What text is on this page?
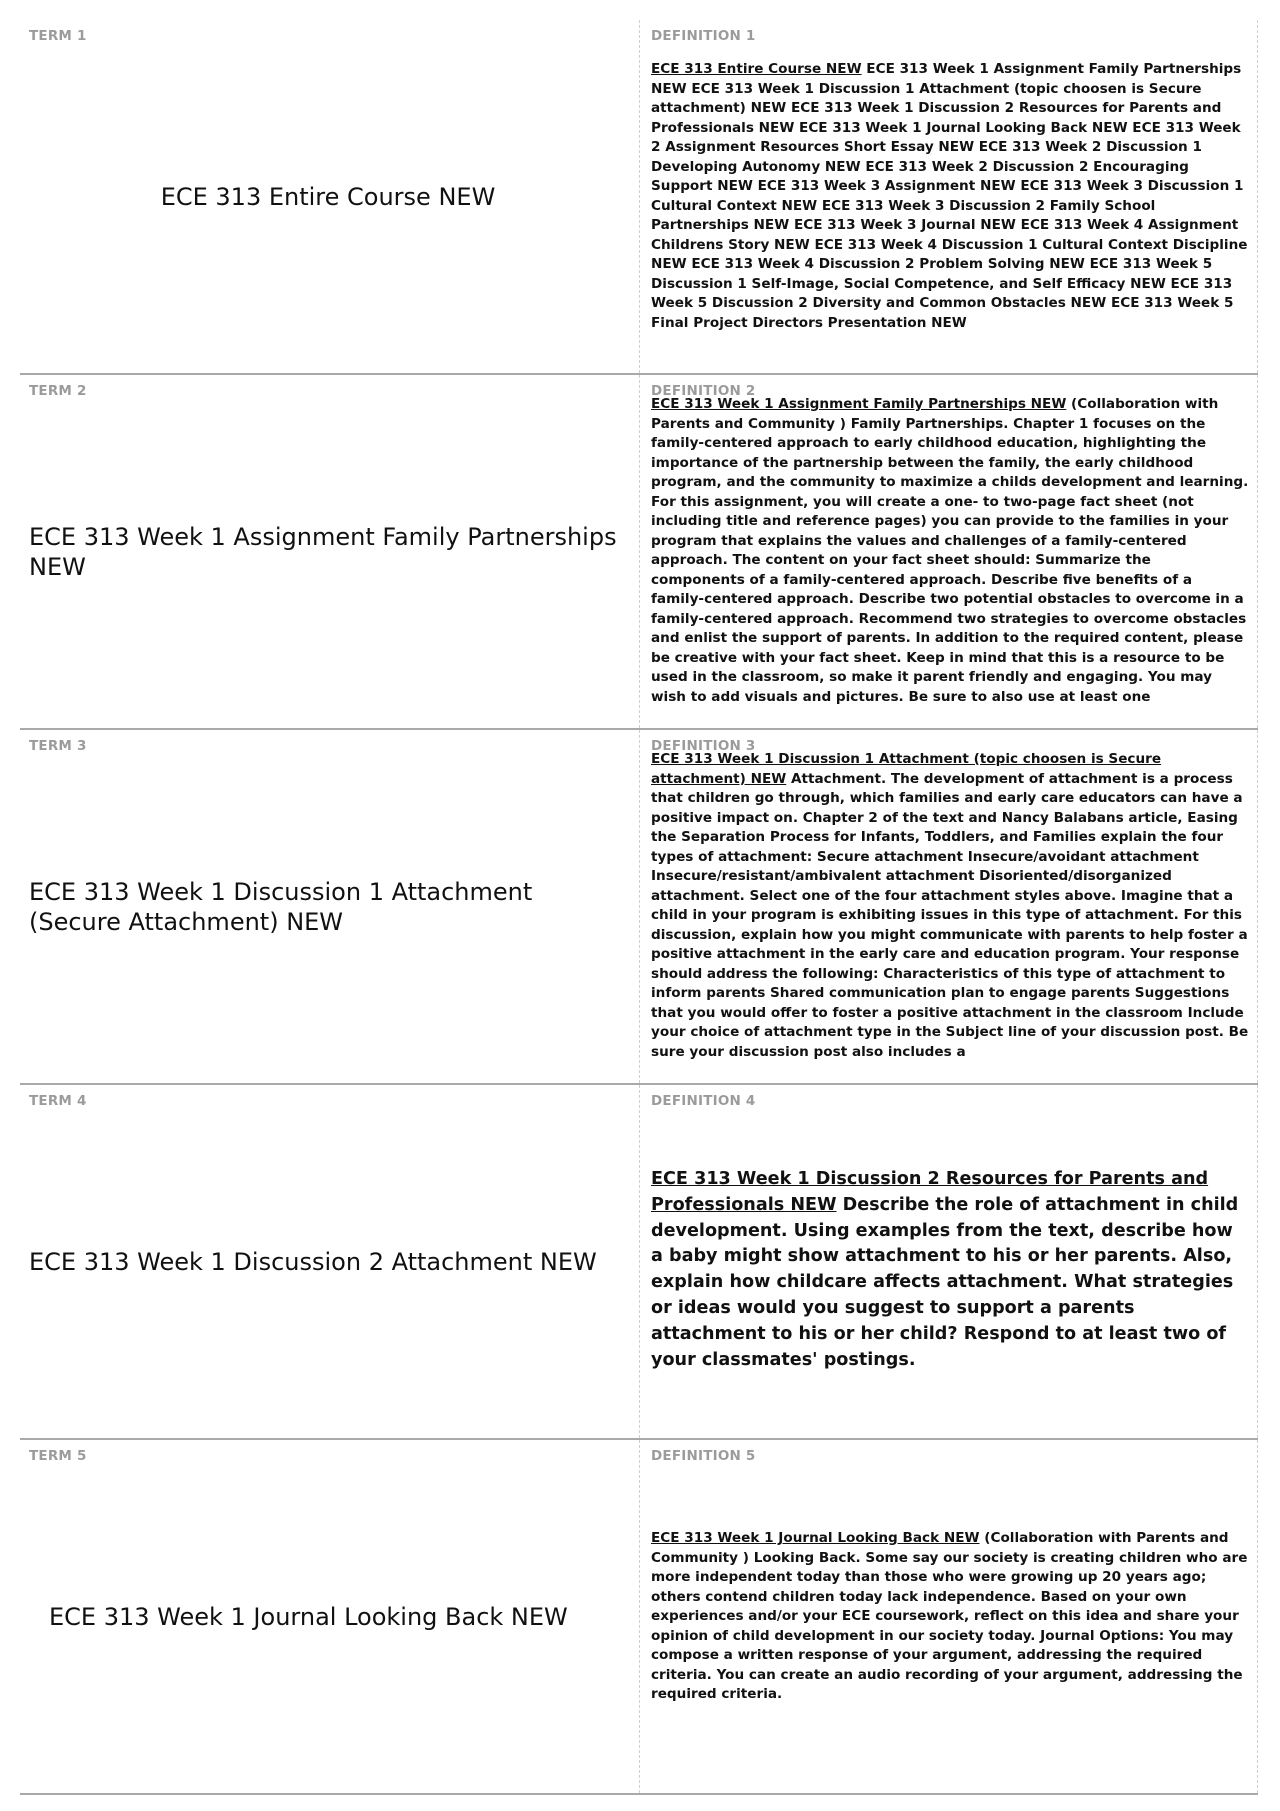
TERM 1
ECE 313 Entire Course NEW
DEFINITION 1
ECE 313 Entire Course NEW ECE 313 Week 1 Assignment Family Partnerships NEW ECE 313 Week 1 Discussion 1 Attachment (topic choosen is Secure attachment) NEW ECE 313 Week 1 Discussion 2 Resources for Parents and Professionals NEW ECE 313 Week 1 Journal Looking Back NEW ECE 313 Week 2 Assignment Resources Short Essay NEW ECE 313 Week 2 Discussion 1 Developing Autonomy NEW ECE 313 Week 2 Discussion 2 Encouraging Support NEW ECE 313 Week 3 Assignment NEW ECE 313 Week 3 Discussion 1 Cultural Context NEW ECE 313 Week 3 Discussion 2 Family School Partnerships NEW ECE 313 Week 3 Journal NEW ECE 313 Week 4 Assignment Childrens Story NEW ECE 313 Week 4 Discussion 1 Cultural Context Discipline NEW ECE 313 Week 4 Discussion 2 Problem Solving NEW ECE 313 Week 5 Discussion 1 Self-Image, Social Competence, and Self Efficacy NEW ECE 313 Week 5 Discussion 2 Diversity and Common Obstacles NEW ECE 313 Week 5 Final Project Directors Presentation NEW
TERM 2
ECE 313 Week 1 Assignment Family Partnerships NEW
DEFINITION 2
ECE 313 Week 1 Assignment Family Partnerships NEW (Collaboration with Parents and Community ) Family Partnerships. Chapter 1 focuses on the family-centered approach to early childhood education, highlighting the importance of the partnership between the family, the early childhood program, and the community to maximize a childs development and learning. For this assignment, you will create a one- to two-page fact sheet (not including title and reference pages) you can provide to the families in your program that explains the values and challenges of a family-centered approach. The content on your fact sheet should: Summarize the components of a family-centered approach. Describe five benefits of a family-centered approach. Describe two potential obstacles to overcome in a family-centered approach. Recommend two strategies to overcome obstacles and enlist the support of parents. In addition to the required content, please be creative with your fact sheet. Keep in mind that this is a resource to be used in the classroom, so make it parent friendly and engaging. You may wish to add visuals and pictures. Be sure to also use at least one
TERM 3
ECE 313 Week 1 Discussion 1 Attachment (Secure Attachment) NEW
DEFINITION 3
ECE 313 Week 1 Discussion 1 Attachment (topic choosen is Secure attachment) NEW Attachment. The development of attachment is a process that children go through, which families and early care educators can have a positive impact on. Chapter 2 of the text and Nancy Balabans article, Easing the Separation Process for Infants, Toddlers, and Families explain the four types of attachment: Secure attachment Insecure/avoidant attachment Insecure/resistant/ambivalent attachment Disoriented/disorganized attachment. Select one of the four attachment styles above. Imagine that a child in your program is exhibiting issues in this type of attachment. For this discussion, explain how you might communicate with parents to help foster a positive attachment in the early care and education program. Your response should address the following: Characteristics of this type of attachment to inform parents Shared communication plan to engage parents Suggestions that you would offer to foster a positive attachment in the classroom Include your choice of attachment type in the Subject line of your discussion post. Be sure your discussion post also includes a
TERM 4
ECE 313 Week 1 Discussion 2 Attachment NEW
DEFINITION 4
ECE 313 Week 1 Discussion 2 Resources for Parents and Professionals NEW Describe the role of attachment in child development. Using examples from the text, describe how a baby might show attachment to his or her parents. Also, explain how childcare affects attachment. What strategies or ideas would you suggest to support a parents attachment to his or her child? Respond to at least two of your classmates' postings.
TERM 5
ECE 313 Week 1 Journal Looking Back NEW
DEFINITION 5
ECE 313 Week 1 Journal Looking Back NEW (Collaboration with Parents and Community ) Looking Back. Some say our society is creating children who are more independent today than those who were growing up 20 years ago; others contend children today lack independence. Based on your own experiences and/or your ECE coursework, reflect on this idea and share your opinion of child development in our society today. Journal Options: You may compose a written response of your argument, addressing the required criteria. You can create an audio recording of your argument, addressing the required criteria.
